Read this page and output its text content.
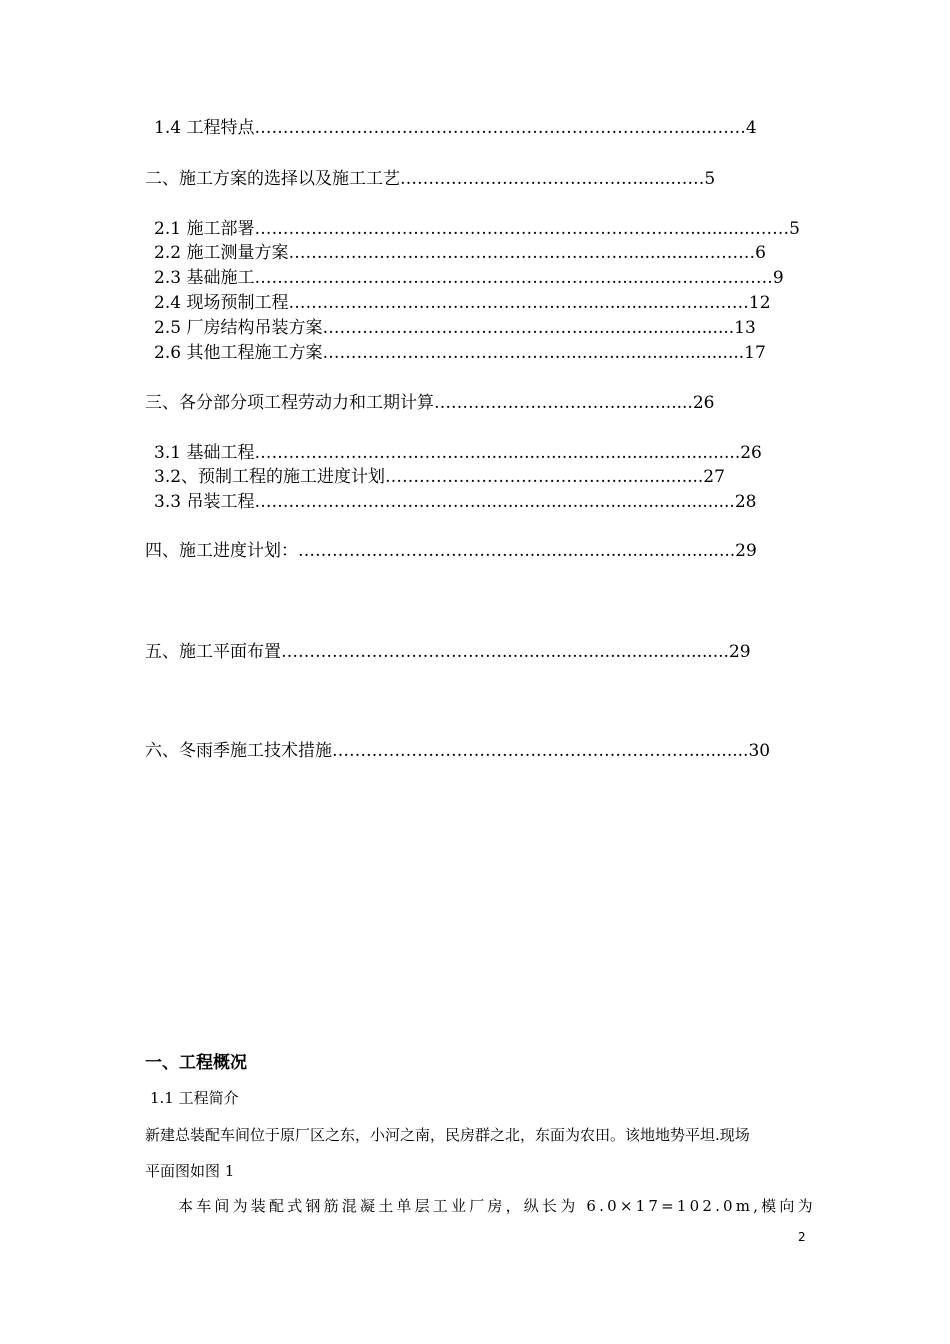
1.4 工程特点…………………………………………………………………......……4
二、施工方案的选择以及施工工艺……………………………………......……5
2.1 施工部署…………………………………………………………………..............……5
2.2 施工测量方案……………………………………………………..............………6
2.3 基础施工………………………………………………………...........………………9
2.4 现场预制工程……………………………………………................……………12
2.5 厂房结构吊装方案……………………………………….............................13
2.6 其他工程施工方案……………………………………..................................17
三、各分部分项工程劳动力和工期计算………………………………….......26
3.1 基础工程………………………………….................................................26
3.2、预制工程的施工进度计划…………………………………..................27
3.3 吊装工程…………………………………................................................28
四、施工进度计划：…………………………………........................................29
五、施工平面布置…………………………………..........................................29
六、冬雨季施工技术措施………………………………………………………...........30
一、工程概况
1.1 工程简介
新建总装配车间位于原厂区之东，小河之南，民房群之北，东面为农田。该地地势平坦.现场
平面图如图 1
本车间为装配式钢筋混凝土单层工业厂房，纵长为 6.0×17=102.0m,模向为
2
